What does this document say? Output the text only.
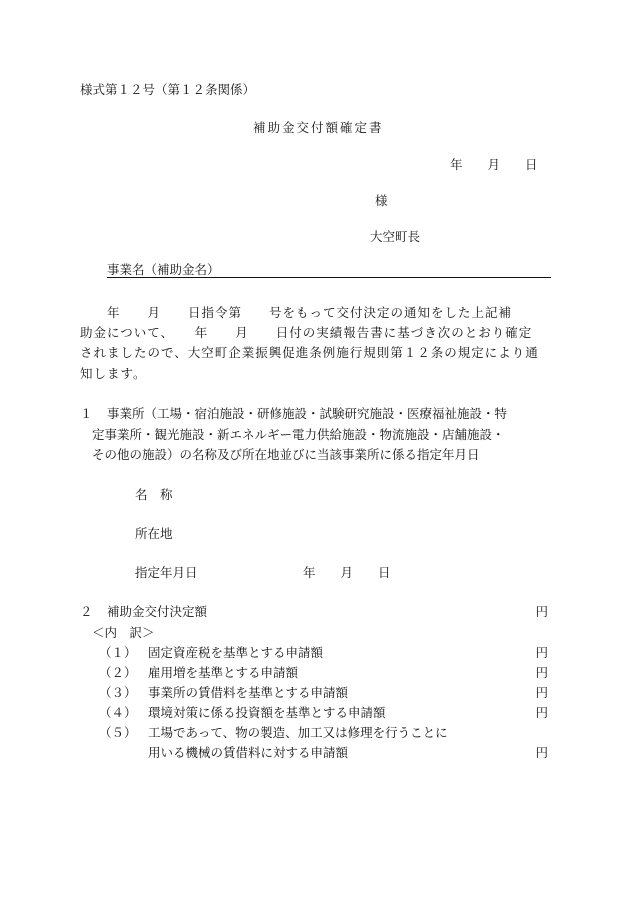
様式第１２号（第１２条関係）

補助金交付額確定書

年　　月　　日

様

大空町長

事業名（補助金名）

　　年　　月　　日指令第　　号をもって交付決定の通知をした上記補

助金について、　　年　　月　　日付の実績報告書に基づき次のとおり確定

されましたので、大空町企業振興促進条例施行規則第１２条の規定により通

知します。

１ 事業所（工場・宿泊施設・研修施設・試験研究施設・医療福祉施設・特

定事業所・観光施設・新エネルギー電力供給施設・物流施設・店舗施設・

その他の施設）の名称及び所在地並びに当該事業所に係る指定年月日

名　称

所在地

指定年月日	年　　月　　日

２ 補助金交付決定額	円

＜内　訳＞

（１） 固定資産税を基準とする申請額	円

（２） 雇用増を基準とする申請額	円

（３） 事業所の賃借料を基準とする申請額	円

（４） 環境対策に係る投資額を基準とする申請額	円

（５） 工場であって、物の製造、加工又は修理を行うことに

用いる機械の賃借料に対する申請額	円
